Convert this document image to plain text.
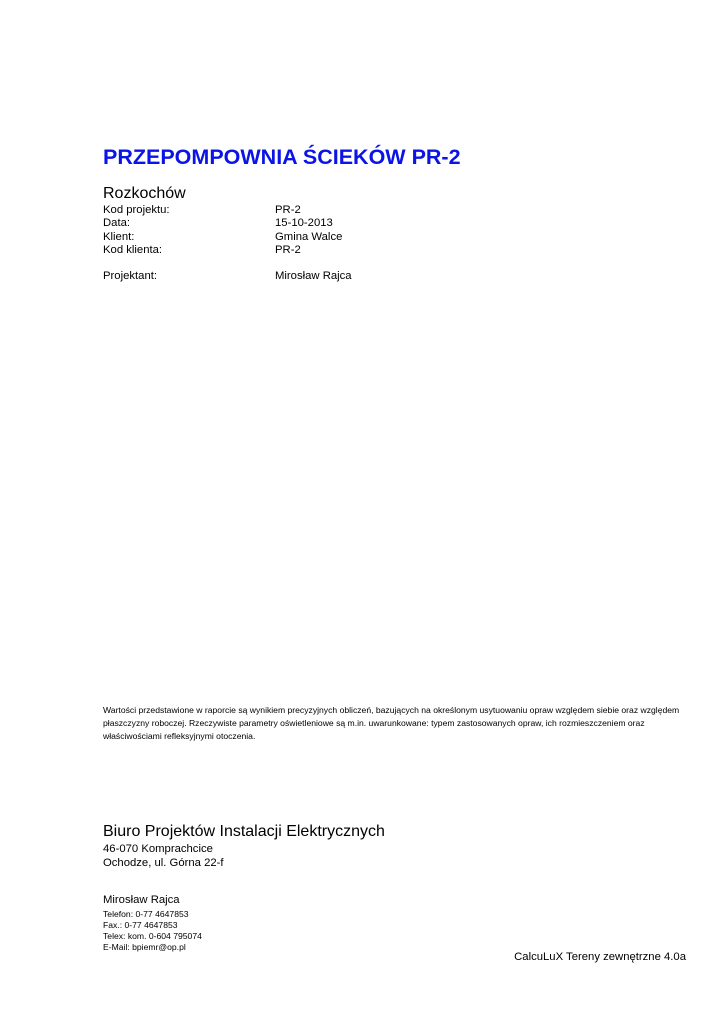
PRZEPOMPOWNIA ŚCIEKÓW PR-2
Rozkochów
Kod projektu:	PR-2
Data:	15-10-2013
Klient:	Gmina Walce
Kod klienta:	PR-2
Projektant:	Mirosław Rajca
Wartości przedstawione w raporcie są wynikiem precyzyjnych obliczeń, bazujących na określonym usytuowaniu opraw względem siebie oraz względem płaszczyzny roboczej. Rzeczywiste parametry oświetleniowe są m.in. uwarunkowane: typem zastosowanych opraw, ich rozmieszczeniem oraz właściwościami refleksyjnymi otoczenia.
Biuro Projektów Instalacji Elektrycznych
46-070 Komprachcice
Ochodze, ul. Górna 22-f
Mirosław Rajca
Telefon: 0-77 4647853
Fax.: 0-77 4647853
Telex: kom. 0-604 795074
E-Mail: bpiemr@op.pl
CalcuLuX Tereny zewnętrzne 4.0a
